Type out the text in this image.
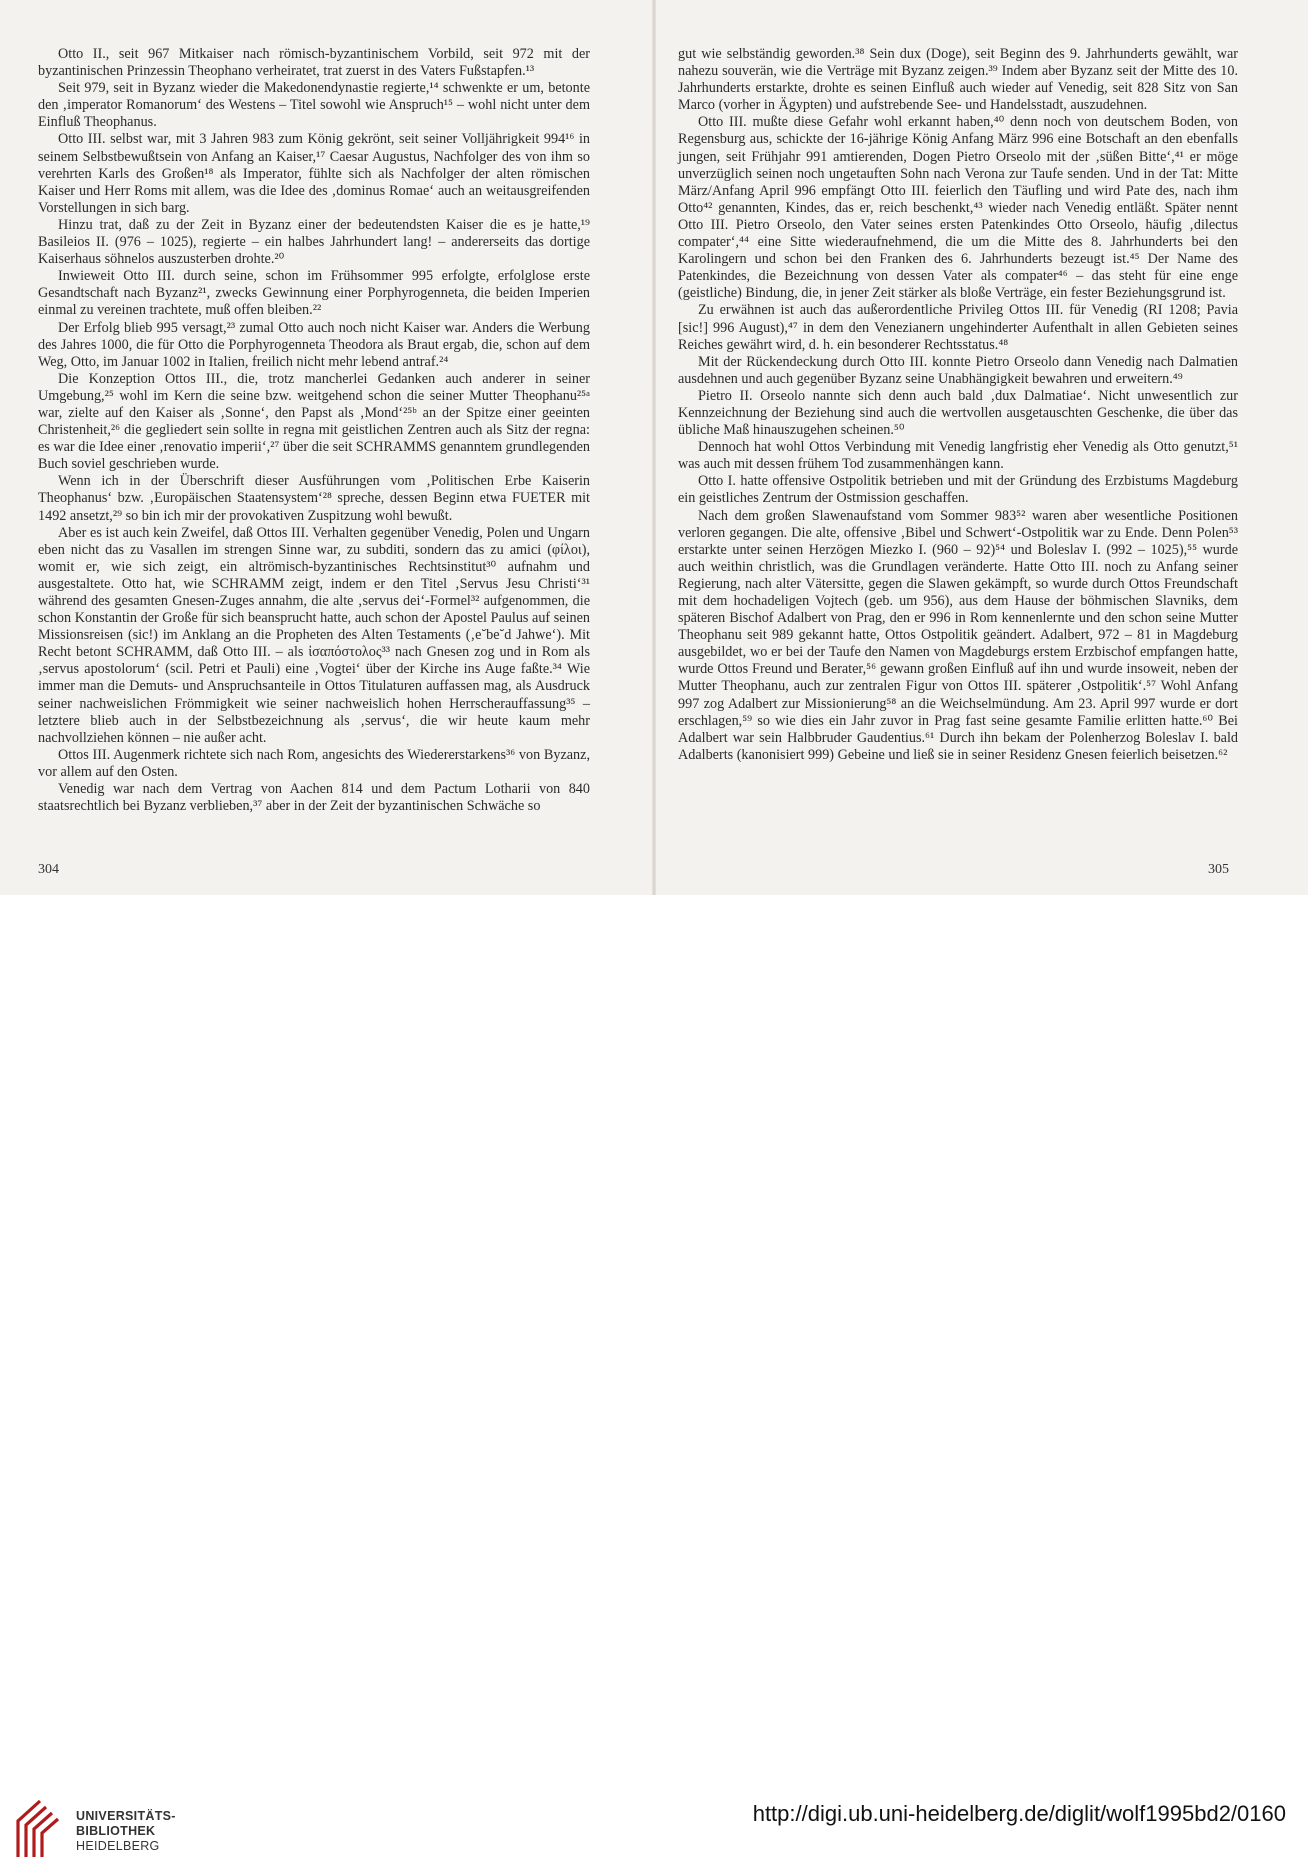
Otto II., seit 967 Mitkaiser nach römisch-byzantinischem Vorbild, seit 972 mit der byzantinischen Prinzessin Theophano verheiratet, trat zuerst in des Vaters Fußstapfen.¹³

Seit 979, seit in Byzanz wieder die Makedonendynastie regierte,¹⁴ schwenkte er um, betonte den ‚imperator Romanorum‘ des Westens – Titel sowohl wie Anspruch¹⁵ – wohl nicht unter dem Einfluß Theophanus.

Otto III. selbst war, mit 3 Jahren 983 zum König gekrönt, seit seiner Volljährigkeit 994¹⁶ in seinem Selbstbewußtsein von Anfang an Kaiser,¹⁷ Caesar Augustus, Nachfolger des von ihm so verehrten Karls des Großen¹⁸ als Imperator, fühlte sich als Nachfolger der alten römischen Kaiser und Herr Roms mit allem, was die Idee des ‚dominus Romae‘ auch an weitausgreifenden Vorstellungen in sich barg.

Hinzu trat, daß zu der Zeit in Byzanz einer der bedeutendsten Kaiser die es je hatte,¹⁹ Basileios II. (976 – 1025), regierte – ein halbes Jahrhundert lang! – andererseits das dortige Kaiserhaus söhnelos auszusterben drohte.²⁰

Inwieweit Otto III. durch seine, schon im Frühsommer 995 erfolgte, erfolglose erste Gesandtschaft nach Byzanz²¹, zwecks Gewinnung einer Porphyrogenneta, die beiden Imperien einmal zu vereinen trachtete, muß offen bleiben.²²

Der Erfolg blieb 995 versagt,²³ zumal Otto auch noch nicht Kaiser war. Anders die Werbung des Jahres 1000, die für Otto die Porphyrogenneta Theodora als Braut ergab, die, schon auf dem Weg, Otto, im Januar 1002 in Italien, freilich nicht mehr lebend antraf.²⁴

Die Konzeption Ottos III., die, trotz mancherlei Gedanken auch anderer in seiner Umgebung,²⁵ wohl im Kern die seine bzw. weitgehend schon die seiner Mutter Theophanu²⁵ᵃ war, zielte auf den Kaiser als ‚Sonne‘, den Papst als ‚Mond‘²⁵ᵇ an der Spitze einer geeinten Christenheit,²⁶ die gegliedert sein sollte in regna mit geistlichen Zentren auch als Sitz der regna: es war die Idee einer ‚renovatio imperii‘,²⁷ über die seit SCHRAMMS genanntem grundlegenden Buch soviel geschrieben wurde.

Wenn ich in der Überschrift dieser Ausführungen vom ‚Politischen Erbe Kaiserin Theophanus‘ bzw. ‚Europäischen Staatensystem‘²⁸ spreche, dessen Beginn etwa FUETER mit 1492 ansetzt,²⁹ so bin ich mir der provokativen Zuspitzung wohl bewußt.

Aber es ist auch kein Zweifel, daß Ottos III. Verhalten gegenüber Venedig, Polen und Ungarn eben nicht das zu Vasallen im strengen Sinne war, zu subditi, sondern das zu amici (φίλοι), womit er, wie sich zeigt, ein altrömisch-byzantinisches Rechtsinstitut³⁰ aufnahm und ausgestaltete. Otto hat, wie SCHRAMM zeigt, indem er den Titel ‚Servus Jesu Christi‘³¹ während des gesamten Gnesen-Zuges annahm, die alte ‚servus dei‘-Formel³² aufgenommen, die schon Konstantin der Große für sich beansprucht hatte, auch schon der Apostel Paulus auf seinen Missionsreisen (sic!) im Anklang an die Propheten des Alten Testaments (‚e˘be˘d Jahwe‘). Mit Recht betont SCHRAMM, daß Otto III. – als ἰσαπόστολος³³ nach Gnesen zog und in Rom als ‚servus apostolorum‘ (scil. Petri et Pauli) eine ‚Vogtei‘ über der Kirche ins Auge faßte.³⁴ Wie immer man die Demuts- und Anspruchsanteile in Ottos Titulaturen auffassen mag, als Ausdruck seiner nachweislichen Frömmigkeit wie seiner nachweislich hohen Herrscherauffassung³⁵ – letztere blieb auch in der Selbstbezeichnung als ‚servus‘, die wir heute kaum mehr nachvollziehen können – nie außer acht.

Ottos III. Augenmerk richtete sich nach Rom, angesichts des Wiedererstarkens³⁶ von Byzanz, vor allem auf den Osten.

Venedig war nach dem Vertrag von Aachen 814 und dem Pactum Lotharii von 840 staatsrechtlich bei Byzanz verblieben,³⁷ aber in der Zeit der byzantinischen Schwäche so

gut wie selbständig geworden.³⁸ Sein dux (Doge), seit Beginn des 9. Jahrhunderts gewählt, war nahezu souverän, wie die Verträge mit Byzanz zeigen.³⁹ Indem aber Byzanz seit der Mitte des 10. Jahrhunderts erstarkte, drohte es seinen Einfluß auch wieder auf Venedig, seit 828 Sitz von San Marco (vorher in Ägypten) und aufstrebende See- und Handelsstadt, auszudehnen.

Otto III. mußte diese Gefahr wohl erkannt haben,⁴⁰ denn noch von deutschem Boden, von Regensburg aus, schickte der 16-jährige König Anfang März 996 eine Botschaft an den ebenfalls jungen, seit Frühjahr 991 amtierenden, Dogen Pietro Orseolo mit der ‚süßen Bitte‘,⁴¹ er möge unverzüglich seinen noch ungetauften Sohn nach Verona zur Taufe senden. Und in der Tat: Mitte März/Anfang April 996 empfängt Otto III. feierlich den Täufling und wird Pate des, nach ihm Otto⁴² genannten, Kindes, das er, reich beschenkt,⁴³ wieder nach Venedig entläßt. Später nennt Otto III. Pietro Orseolo, den Vater seines ersten Patenkindes Otto Orseolo, häufig ‚dilectus compater‘,⁴⁴ eine Sitte wiederaufnehmend, die um die Mitte des 8. Jahrhunderts bei den Karolingern und schon bei den Franken des 6. Jahrhunderts bezeugt ist.⁴⁵ Der Name des Patenkindes, die Bezeichnung von dessen Vater als compater⁴⁶ – das steht für eine enge (geistliche) Bindung, die, in jener Zeit stärker als bloße Verträge, ein fester Beziehungsgrund ist.

Zu erwähnen ist auch das außerordentliche Privileg Ottos III. für Venedig (RI 1208; Pavia [sic!] 996 August),⁴⁷ in dem den Venezianern ungehinderter Aufenthalt in allen Gebieten seines Reiches gewährt wird, d. h. ein besonderer Rechtsstatus.⁴⁸

Mit der Rückendeckung durch Otto III. konnte Pietro Orseolo dann Venedig nach Dalmatien ausdehnen und auch gegenüber Byzanz seine Unabhängigkeit bewahren und erweitern.⁴⁹

Pietro II. Orseolo nannte sich denn auch bald ‚dux Dalmatiae‘. Nicht unwesentlich zur Kennzeichnung der Beziehung sind auch die wertvollen ausgetauschten Geschenke, die über das übliche Maß hinauszugehen scheinen.⁵⁰

Dennoch hat wohl Ottos Verbindung mit Venedig langfristig eher Venedig als Otto genutzt,⁵¹ was auch mit dessen frühem Tod zusammenhängen kann.

Otto I. hatte offensive Ostpolitik betrieben und mit der Gründung des Erzbistums Magdeburg ein geistliches Zentrum der Ostmission geschaffen.

Nach dem großen Slawenaufstand vom Sommer 983⁵² waren aber wesentliche Positionen verloren gegangen. Die alte, offensive ‚Bibel und Schwert‘-Ostpolitik war zu Ende. Denn Polen⁵³ erstarkte unter seinen Herzögen Miezko I. (960 – 92)⁵⁴ und Boleslav I. (992 – 1025),⁵⁵ wurde auch weithin christlich, was die Grundlagen veränderte. Hatte Otto III. noch zu Anfang seiner Regierung, nach alter Vätersitte, gegen die Slawen gekämpft, so wurde durch Ottos Freundschaft mit dem hochadeligen Vojtech (geb. um 956), aus dem Hause der böhmischen Slavniks, dem späteren Bischof Adalbert von Prag, den er 996 in Rom kennenlernte und den schon seine Mutter Theophanu seit 989 gekannt hatte, Ottos Ostpolitik geändert. Adalbert, 972 – 81 in Magdeburg ausgebildet, wo er bei der Taufe den Namen von Magdeburgs erstem Erzbischof empfangen hatte, wurde Ottos Freund und Berater,⁵⁶ gewann großen Einfluß auf ihn und wurde insoweit, neben der Mutter Theophanu, auch zur zentralen Figur von Ottos III. späterer ‚Ostpolitik‘.⁵⁷ Wohl Anfang 997 zog Adalbert zur Missionierung⁵⁸ an die Weichselmündung. Am 23. April 997 wurde er dort erschlagen,⁵⁹ so wie dies ein Jahr zuvor in Prag fast seine gesamte Familie erlitten hatte.⁶⁰ Bei Adalbert war sein Halbbruder Gaudentius.⁶¹ Durch ihn bekam der Polenherzog Boleslav I. bald Adalberts (kanonisiert 999) Gebeine und ließ sie in seiner Residenz Gnesen feierlich beisetzen.⁶²

304	305
UNIVERSITÄTS-
BIBLIOTHEK
HEIDELBERG
http://digi.ub.uni-heidelberg.de/diglit/wolf1995bd2/0160
